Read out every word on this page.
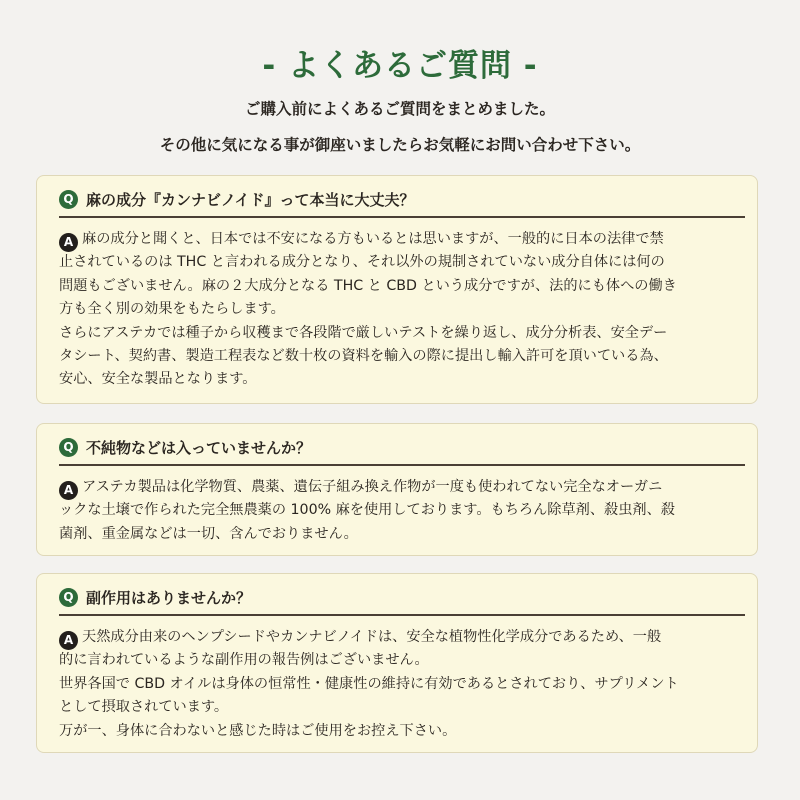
- よくあるご質問 -
ご購入前によくあるご質問をまとめました。
その他に気になる事が御座いましたらお気軽にお問い合わせ下さい。
Q 麻の成分『カンナビノイド』って本当に大丈夫？
A 麻の成分と聞くと、日本では不安になる方もいるとは思いますが、一般的に日本の法律で禁
止されているのは THC と言われる成分となり、それ以外の規制されていない成分自体には何の
問題もございません。麻の２大成分となる THC と CBD という成分ですが、法的にも体への働き
方も全く別の効果をもたらします。
さらにアステカでは種子から収穫まで各段階で厳しいテストを繰り返し、成分分析表、安全デー
タシート、契約書、製造工程表など数十枚の資料を輸入の際に提出し輸入許可を頂いている為、
安心、安全な製品となります。
Q 不純物などは入っていませんか？
A アステカ製品は化学物質、農薬、遺伝子組み換え作物が一度も使われてない完全なオーガニ
ックな土壌で作られた完全無農薬の 100% 麻を使用しております。もちろん除草剤、殺虫剤、殺
菌剤、重金属などは一切、含んでおりません。
Q 副作用はありませんか？
A 天然成分由来のヘンプシードやカンナビノイドは、安全な植物性化学成分であるため、一般
的に言われているような副作用の報告例はございません。
世界各国で CBD オイルは身体の恒常性・健康性の維持に有効であるとされており、サプリメント
として摂取されています。
万が一、身体に合わないと感じた時はご使用をお控え下さい。
